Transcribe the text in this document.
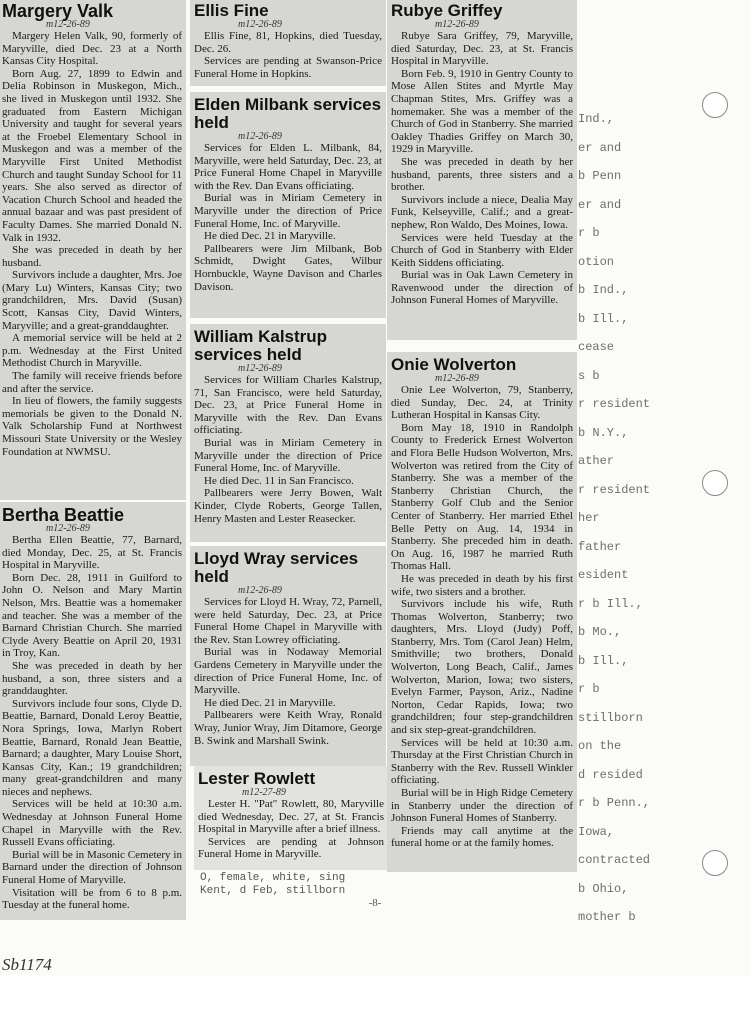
Ind.,
er and
b Penn
er and
r b
otion
b Ind.,
b Ill.,
cease
s b
r resident
b N.Y.,
ather
r resident
her
father
esident
r b Ill.,
b Mo.,
b Ill.,
r b
stillborn
on the
d resided
r b Penn.,
Iowa,
contracted
b Ohio,
mother b
Margery Valk
m12-26-89

Margery Helen Valk, 90, formerly of Maryville, died Dec. 23 at a North Kansas City Hospital.

Born Aug. 27, 1899 to Edwin and Delia Robinson in Muskegon, Mich., she lived in Muskegon until 1932. She graduated from Eastern Michigan University and taught for several years at the Froebel Elementary School in Muskegon and was a member of the Maryville First United Methodist Church and taught Sunday School for 11 years. She also served as director of Vacation Church School and headed the annual bazaar and was past president of Faculty Dames. She married Donald N. Valk in 1932.

She was preceded in death by her husband.

Survivors include a daughter, Mrs. Joe (Mary Lu) Winters, Kansas City; two grandchildren, Mrs. David (Susan) Scott, Kansas City, David Winters, Maryville; and a great-granddaughter.

A memorial service will be held at 2 p.m. Wednesday at the First United Methodist Church in Maryville.

The family will receive friends before and after the service.

In lieu of flowers, the family suggests memorials be given to the Donald N. Valk Scholarship Fund at Northwest Missouri State University or the Wesley Foundation at NWMSU.

Bertha Beattie
m12-26-89

Bertha Ellen Beattie, 77, Barnard, died Monday, Dec. 25, at St. Francis Hospital in Maryville.

Born Dec. 28, 1911 in Guilford to John O. Nelson and Mary Martin Nelson, Mrs. Beattie was a homemaker and teacher. She was a member of the Barnard Christian Church. She married Clyde Avery Beattie on April 20, 1931 in Troy, Kan.

She was preceded in death by her husband, a son, three sisters and a granddaughter.

Survivors include four sons, Clyde D. Beattie, Barnard, Donald Leroy Beattie, Nora Springs, Iowa, Marlyn Robert Beattie, Barnard, Ronald Jean Beattie, Barnard; a daughter, Mary Louise Short, Kansas City, Kan.; 19 grandchildren; many great-grandchildren and many nieces and nephews.

Services will be held at 10:30 a.m. Wednesday at Johnson Funeral Home Chapel in Maryville with the Rev. Russell Evans officiating.

Burial will be in Masonic Cemetery in Barnard under the direction of Johnson Funeral Home of Maryville.

Visitation will be from 6 to 8 p.m. Tuesday at the funeral home.

Ellis Fine
m12-26-89

Ellis Fine, 81, Hopkins, died Tuesday, Dec. 26.

Services are pending at Swanson-Price Funeral Home in Hopkins.

Elden Milbank services held
m12-26-89

Services for Elden L. Milbank, 84, Maryville, were held Saturday, Dec. 23, at Price Funeral Home Chapel in Maryville with the Rev. Dan Evans officiating.

Burial was in Miriam Cemetery in Maryville under the direction of Price Funeral Home, Inc. of Maryville.

He died Dec. 21 in Maryville.

Pallbearers were Jim Milbank, Bob Schmidt, Dwight Gates, Wilbur Hornbuckle, Wayne Davison and Charles Davison.

William Kalstrup services held
m12-26-89

Services for William Charles Kalstrup, 71, San Francisco, were held Saturday, Dec. 23, at Price Funeral Home in Maryville with the Rev. Dan Evans officiating.

Burial was in Miriam Cemetery in Maryville under the direction of Price Funeral Home, Inc. of Maryville.

He died Dec. 11 in San Francisco.

Pallbearers were Jerry Bowen, Walt Kinder, Clyde Roberts, George Tallen, Henry Masten and Lester Reasecker.

Lloyd Wray services held
m12-26-89

Services for Lloyd H. Wray, 72, Parnell, were held Saturday, Dec. 23, at Price Funeral Home Chapel in Maryville with the Rev. Stan Lowrey officiating.

Burial was in Nodaway Memorial Gardens Cemetery in Maryville under the direction of Price Funeral Home, Inc. of Maryville.

He died Dec. 21 in Maryville.

Pallbearers were Keith Wray, Ronald Wray, Junior Wray, Jim Ditamore, George B. Swink and Marshall Swink.

Lester Rowlett
m12-27-89

Lester H. "Pat" Rowlett, 80, Maryville died Wednesday, Dec. 27, at St. Francis Hospital in Maryville after a brief illness.

Services are pending at Johnson Funeral Home in Maryville.

Rubye Griffey
m12-26-89

Rubye Sara Griffey, 79, Maryville, died Saturday, Dec. 23, at St. Francis Hospital in Maryville.

Born Feb. 9, 1910 in Gentry County to Mose Allen Stites and Myrtle May Chapman Stites, Mrs. Griffey was a homemaker. She was a member of the Church of God in Stanberry. She married Oakley Thadies Griffey on March 30, 1929 in Maryville.

She was preceded in death by her husband, parents, three sisters and a brother.

Survivors include a niece, Dealia May Funk, Kelseyville, Calif.; and a great-nephew, Ron Waldo, Des Moines, Iowa.

Services were held Tuesday at the Church of God in Stanberry with Elder Keith Siddens officiating.

Burial was in Oak Lawn Cemetery in Ravenwood under the direction of Johnson Funeral Homes of Maryville.

Onie Wolverton
m12-26-89

Onie Lee Wolverton, 79, Stanberry, died Sunday, Dec. 24, at Trinity Lutheran Hospital in Kansas City.

Born May 18, 1910 in Randolph County to Frederick Ernest Wolverton and Flora Belle Hudson Wolverton, Mrs. Wolverton was retired from the City of Stanberry. She was a member of the Stanberry Christian Church, the Stanberry Golf Club and the Senior Center of Stanberry. Her married Ethel Belle Petty on Aug. 14, 1934 in Stanberry. She preceded him in death. On Aug. 16, 1987 he married Ruth Thomas Hall.

He was preceded in death by his first wife, two sisters and a brother.

Survivors include his wife, Ruth Thomas Wolverton, Stanberry; two daughters, Mrs. Lloyd (Judy) Poff, Stanberry, Mrs. Tom (Carol Jean) Helm, Smithville; two brothers, Donald Wolverton, Long Beach, Calif., James Wolverton, Marion, Iowa; two sisters, Evelyn Farmer, Payson, Ariz., Nadine Norton, Cedar Rapids, Iowa; two grandchildren; four step-grandchildren and six step-great-grandchildren.

Services will be held at 10:30 a.m. Thursday at the First Christian Church in Stanberry with the Rev. Russell Winkler officiating.

Burial will be in High Ridge Cemetery in Stanberry under the direction of Johnson Funeral Homes of Stanberry.

Friends may call anytime at the funeral home or at the family homes.

O, female, white, sing
Kent, d Feb, stillborn
-8-
Sb1174
